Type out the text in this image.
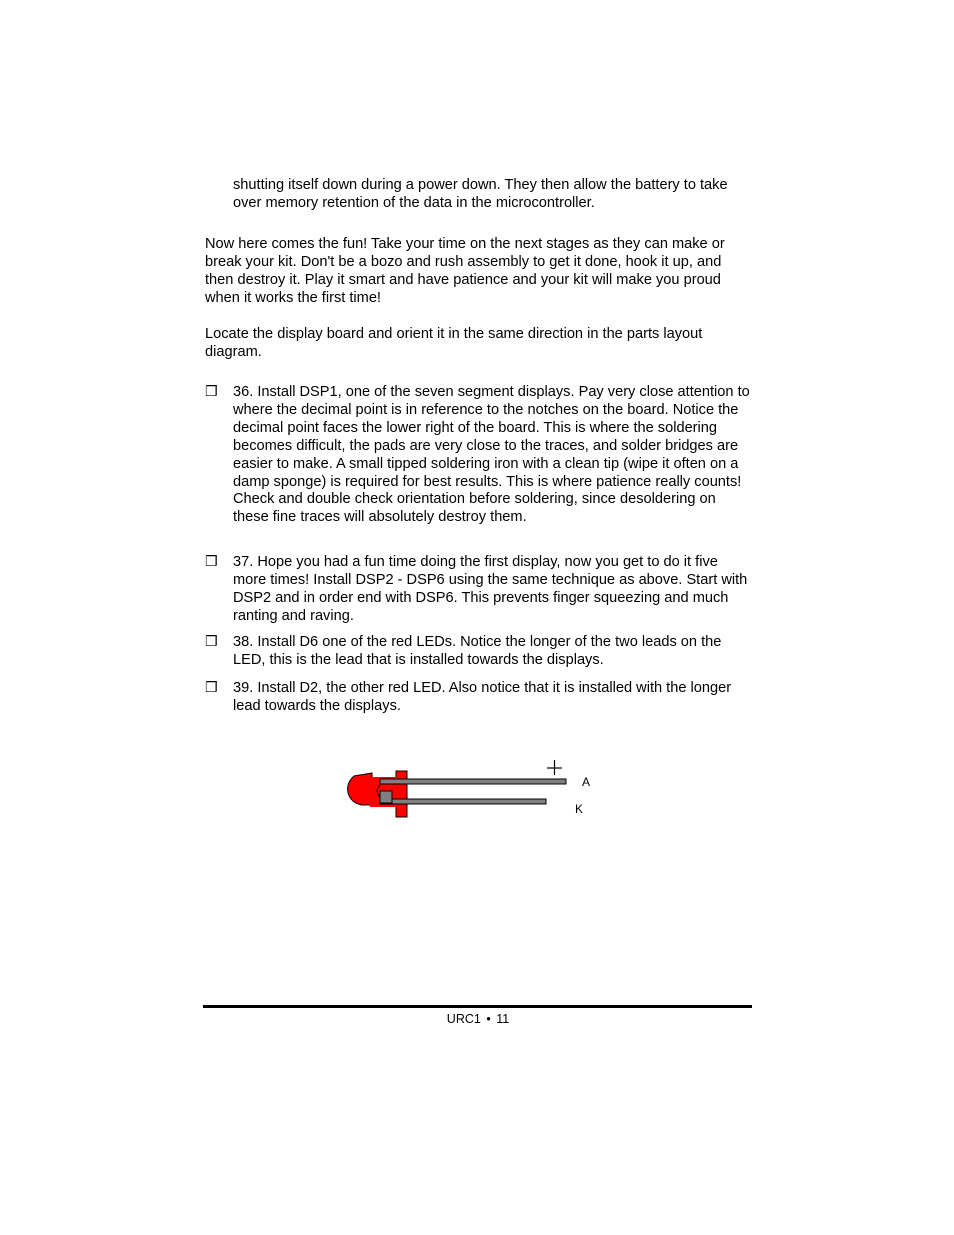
shutting itself down during a power down. They then allow the battery to take over memory retention of the data in the microcontroller.

Now here comes the fun! Take your time on the next stages as they can make or break your kit. Don't be a bozo and rush assembly to get it done, hook it up, and then destroy it. Play it smart and have patience and your kit will make you proud when it works the first time!

Locate the display board and orient it in the same direction in the parts layout diagram.

❒ 36. Install DSP1, one of the seven segment displays. Pay very close attention to where the decimal point is in reference to the notches on the board. Notice the decimal point faces the lower right of the board. This is where the soldering becomes difficult, the pads are very close to the traces, and solder bridges are easier to make. A small tipped soldering iron with a clean tip (wipe it often on a damp sponge) is required for best results. This is where patience really counts! Check and double check orientation before soldering, since desoldering on these fine traces will absolutely destroy them.
❒ 37. Hope you had a fun time doing the first display, now you get to do it five more times! Install DSP2 - DSP6 using the same technique as above. Start with DSP2 and in order end with DSP6. This prevents finger squeezing and much ranting and raving.
❒ 38. Install D6 one of the red LEDs. Notice the longer of the two leads on the LED, this is the lead that is installed towards the displays.
❒ 39. Install D2, the other red LED. Also notice that it is installed with the longer lead towards the displays.
A
K
URC1 • 11
